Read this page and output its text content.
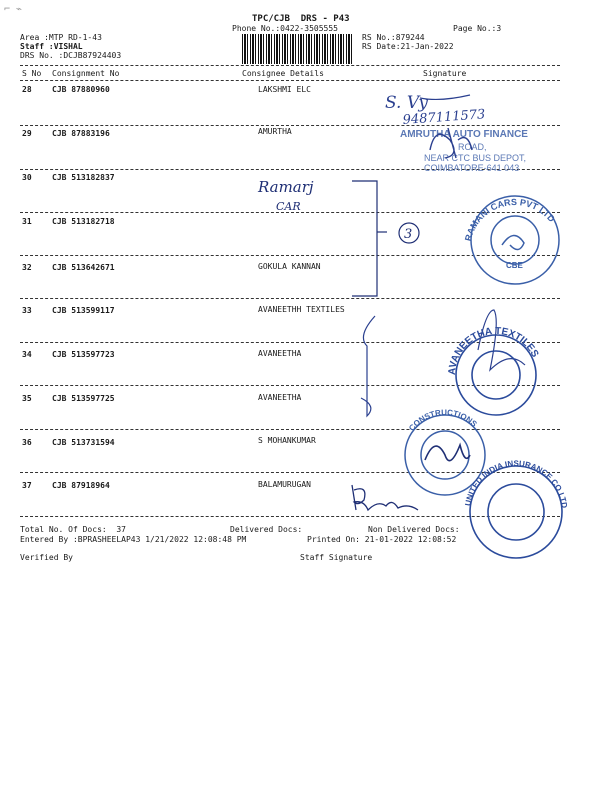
⌐ ⌁
TPC/CJB  DRS - P43
Phone No.:0422-3505555	Page No.:3
Area :MTP RD-1-43
Staff :VISHAL
DRS No. :DCJB87924403
RS No.:879244
RS Date:21-Jan-2022
S No Consignment No	Consignee Details	Signature
28	CJB 87880960	LAKSHMI ELC
29	CJB 87883196	AMURTHA
30	CJB 513182837
31	CJB 513182718
32	CJB 513642671	GOKULA KANNAN
33	CJB 513599117	AVANEETHH TEXTILES
34	CJB 513597723	AVANEETHA
35	CJB 513597725	AVANEETHA
36	CJB 513731594	S MOHANKUMAR
37	CJB 87918964	BALAMURUGAN
Total No. Of Docs:  37	Delivered Docs:	Non Delivered Docs:
Entered By :BPRASHEELAP43 1/21/2022 12:08:48 PM	Printed On: 21-01-2022 12:08:52
Verified By	Staff Signature
S. Vy
9487111573
AMRUTHA AUTO FINANCE
ROAD,
NEAR CTC BUS DEPOT,
COIMBATORE-641 043
Ramarj
CAR
3	RAMANI CARS PVT LTD
CBE
AVANEETHA TEXTILES
CONSTRUCTIONS
UNITED INDIA INSURANCE CO LTD
